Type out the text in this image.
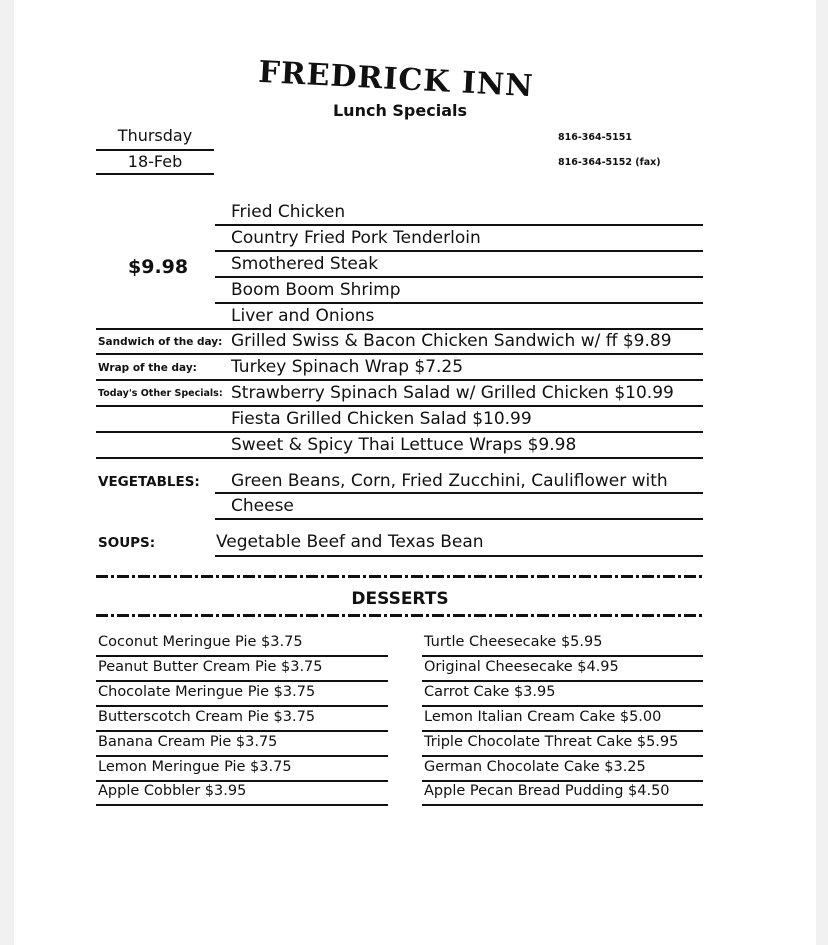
FREDRICK INN
Lunch Specials
Thursday
18-Feb
816-364-5151
816-364-5152 (fax)
$9.98
Fried Chicken
Country Fried Pork Tenderloin
Smothered Steak
Boom Boom Shrimp
Liver and Onions
Sandwich of the day: Grilled Swiss & Bacon Chicken Sandwich w/ ff $9.89
Wrap of the day: Turkey Spinach Wrap $7.25
Today's Other Specials: Strawberry Spinach Salad w/ Grilled Chicken $10.99
Fiesta Grilled Chicken Salad $10.99
Sweet & Spicy Thai Lettuce Wraps $9.98
VEGETABLES: Green Beans, Corn, Fried Zucchini, Cauliflower with
Cheese
SOUPS:	Vegetable Beef and Texas Bean
DESSERTS
Coconut Meringue Pie $3.75
Peanut Butter Cream Pie $3.75
Chocolate Meringue Pie $3.75
Butterscotch Cream Pie $3.75
Banana Cream Pie $3.75
Lemon Meringue Pie $3.75
Apple Cobbler $3.95
Turtle Cheesecake $5.95
Original Cheesecake $4.95
Carrot Cake $3.95
Lemon Italian Cream Cake $5.00
Triple Chocolate Threat Cake $5.95
German Chocolate Cake $3.25
Apple Pecan Bread Pudding $4.50
